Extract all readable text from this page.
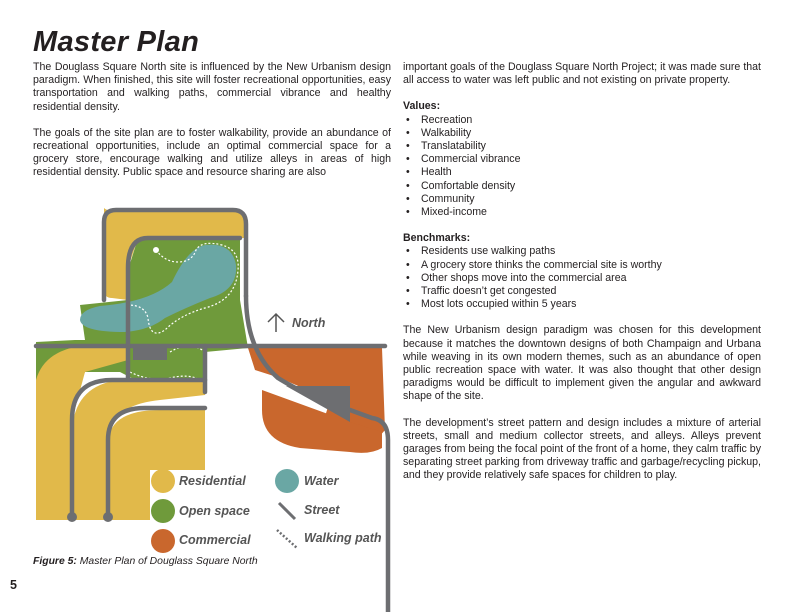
Master Plan

The Douglass Square North site is influenced by the New Urbanism design paradigm. When finished, this site will foster recreational opportunities, easy transportation and walking paths, commercial vibrance and healthy residential density.

The goals of the site plan are to foster walkability, provide an abundance of recreational opportunities, include an optimal commercial space for a grocery store, encourage walking and utilize alleys in areas of high residential density. Public space and resource sharing are also

important goals of the Douglass Square North Project; it was made sure that all access to water was left public and not existing on private property.

Values:
• Recreation
• Walkability
• Translatability
• Commercial vibrance
• Health
• Comfortable density
• Community
• Mixed-income
Benchmarks:
• Residents use walking paths
• A grocery store thinks the commercial site is worthy
• Other shops move into the commercial area
• Traffic doesn’t get congested
• Most lots occupied within 5 years

The New Urbanism design paradigm was chosen for this development because it matches the downtown designs of both Champaign and Urbana while weaving in its own modern themes, such as an abundance of open public recreation space with water. It was also thought that other design paradigms would be difficult to implement given the angular and awkward shape of the site.

The development’s street pattern and design includes a mixture of arterial streets, small and medium collector streets, and alleys. Alleys prevent garages from being the focal point of the front of a home, they calm traffic by separating street parking from driveway traffic and garbage/recycling pickup, and they provide relatively safe spaces for children to play.

North
Residential
Open space
Commercial
Water
Street
Walking path
Figure 5: Master Plan of Douglass Square North
5
